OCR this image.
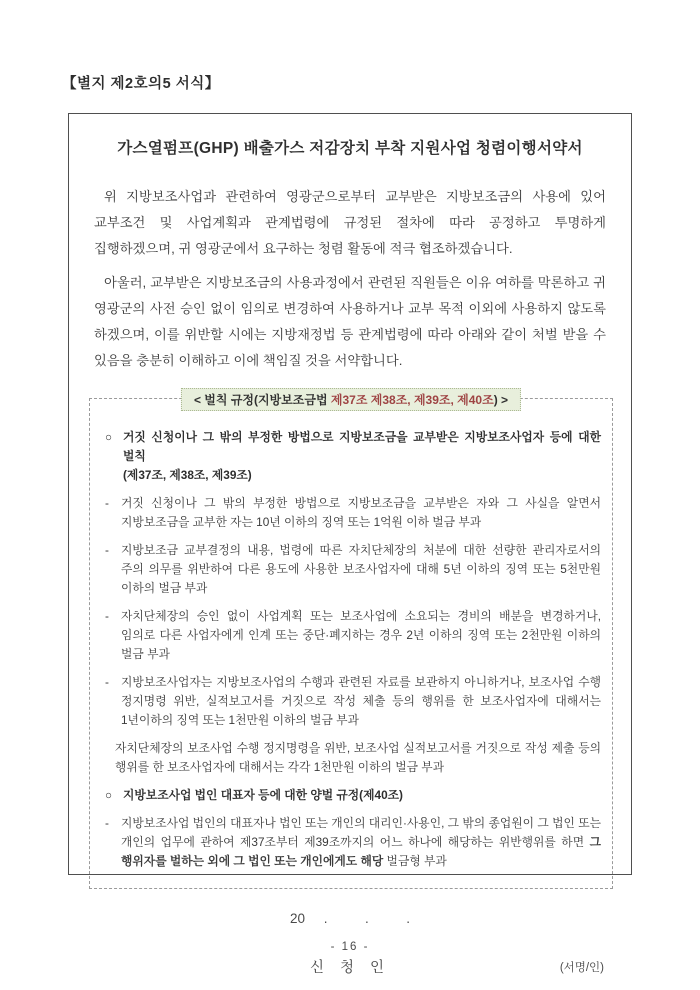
【별지 제2호의5 서식】
가스열펌프(GHP) 배출가스 저감장치 부착 지원사업 청렴이행서약서

위 지방보조사업과 관련하여 영광군으로부터 교부받은 지방보조금의 사용에 있어 교부조건 및 사업계획과 관계법령에 규정된 절차에 따라 공정하고 투명하게 집행하겠으며, 귀 영광군에서 요구하는 청렴 활동에 적극 협조하겠습니다.

아울러, 교부받은 지방보조금의 사용과정에서 관련된 직원들은 이유 여하를 막론하고 귀 영광군의 사전 승인 없이 임의로 변경하여 사용하거나 교부 목적 이외에 사용하지 않도록 하겠으며, 이를 위반할 시에는 지방재정법 등 관계법령에 따라 아래와 같이 처벌 받을 수 있음을 충분히 이해하고 이에 책임질 것을 서약합니다.

< 벌칙 규정(지방보조금법 제37조 제38조, 제39조, 제40조) >
○ 거짓 신청이나 그 밖의 부정한 방법으로 지방보조금을 교부받은 지방보조사업자 등에 대한 벌칙
(제37조, 제38조, 제39조)
- 거짓 신청이나 그 밖의 부정한 방법으로 지방보조금을 교부받은 자와 그 사실을 알면서 지방보조금을 교부한 자는 10년 이하의 징역 또는 1억원 이하 벌금 부과
- 지방보조금 교부결정의 내용, 법령에 따른 자치단체장의 처분에 대한 선량한 관리자로서의 주의 의무를 위반하여 다른 용도에 사용한 보조사업자에 대해 5년 이하의 징역 또는 5천만원 이하의 벌금 부과
- 자치단체장의 승인 없이 사업계획 또는 보조사업에 소요되는 경비의 배분을 변경하거나, 임의로 다른 사업자에게 인계 또는 중단·폐지하는 경우 2년 이하의 징역 또는 2천만원 이하의 벌금 부과
- 지방보조사업자는 지방보조사업의 수행과 관련된 자료를 보관하지 아니하거나, 보조사업 수행 정지명령 위반, 실적보고서를 거짓으로 작성 체출 등의 행위를 한 보조사업자에 대해서는 1년이하의 징역 또는 1천만원 이하의 벌금 부과
자치단체장의 보조사업 수행 정지명령을 위반, 보조사업 실적보고서를 거짓으로 작성 제출 등의 행위를 한 보조사업자에 대해서는 각각 1천만원 이하의 벌금 부과
○ 지방보조사업 법인 대표자 등에 대한 양벌 규정(제40조)
- 지방보조사업 법인의 대표자나 법인 또는 개인의 대리인·사용인, 그 밖의 종업원이 그 법인 또는 개인의 업무에 관하여 제37조부터 제39조까지의 어느 하나에 해당하는 위반행위를 하면 그 행위자를 벌하는 외에 그 법인 또는 개인에게도 해당 벌금형 부과
20     .          .          .
신 청 인	(서명/인)
- 16 -
